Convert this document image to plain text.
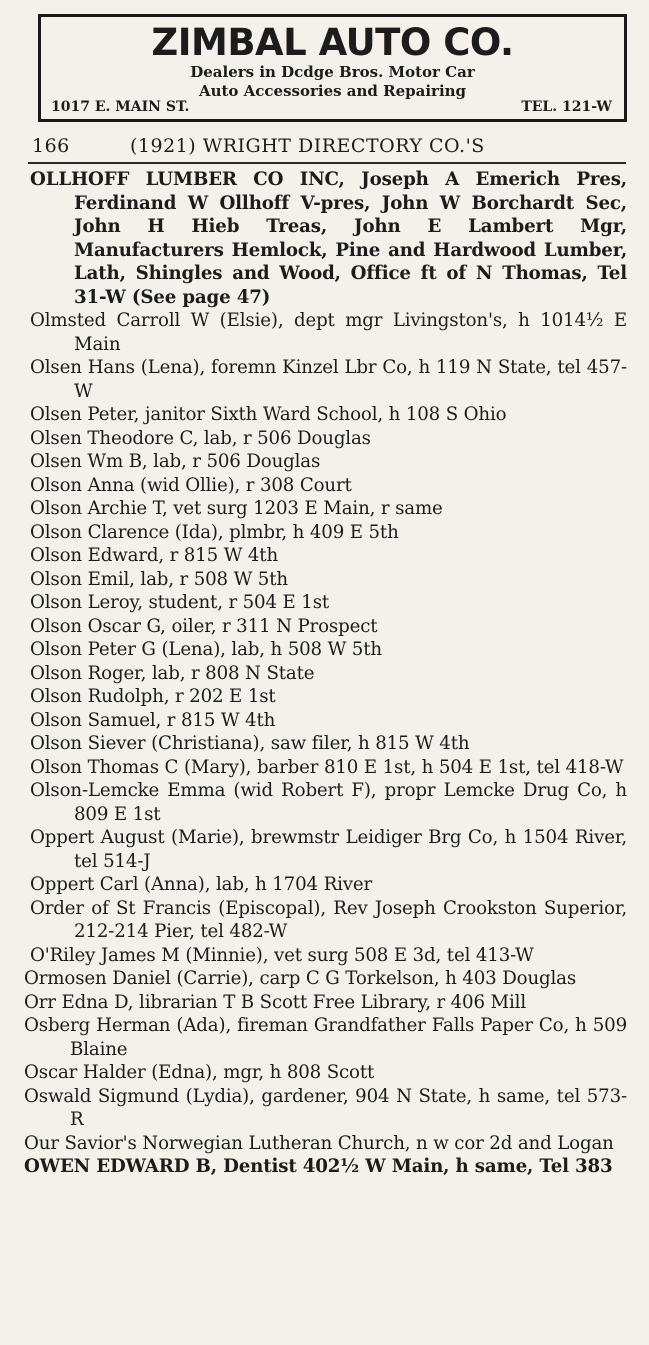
ZIMBAL AUTO CO.
Dealers in Dcdge Bros. Motor Car
Auto Accessories and Repairing
1017 E. MAIN ST.	TEL. 121-W
166	(1921) WRIGHT DIRECTORY CO.'S
OLLHOFF LUMBER CO INC, Joseph A Emerich Pres, Ferdinand W Ollhoff V-pres, John W Borchardt Sec, John H Hieb Treas, John E Lambert Mgr, Manufacturers Hemlock, Pine and Hardwood Lumber, Lath, Shingles and Wood, Office ft of N Thomas, Tel 31-W (See page 47)
Olmsted Carroll W (Elsie), dept mgr Livingston's, h 1014½ E Main
Olsen Hans (Lena), foremn Kinzel Lbr Co, h 119 N State, tel 457-W
Olsen Peter, janitor Sixth Ward School, h 108 S Ohio
Olsen Theodore C, lab, r 506 Douglas
Olsen Wm B, lab, r 506 Douglas
Olson Anna (wid Ollie), r 308 Court
Olson Archie T, vet surg 1203 E Main, r same
Olson Clarence (Ida), plmbr, h 409 E 5th
Olson Edward, r 815 W 4th
Olson Emil, lab, r 508 W 5th
Olson Leroy, student, r 504 E 1st
Olson Oscar G, oiler, r 311 N Prospect
Olson Peter G (Lena), lab, h 508 W 5th
Olson Roger, lab, r 808 N State
Olson Rudolph, r 202 E 1st
Olson Samuel, r 815 W 4th
Olson Siever (Christiana), saw filer, h 815 W 4th
Olson Thomas C (Mary), barber 810 E 1st, h 504 E 1st, tel 418-W
Olson-Lemcke Emma (wid Robert F), propr Lemcke Drug Co, h 809 E 1st
Oppert August (Marie), brewmstr Leidiger Brg Co, h 1504 River, tel 514-J
Oppert Carl (Anna), lab, h 1704 River
Order of St Francis (Episcopal), Rev Joseph Crookston Superior, 212-214 Pier, tel 482-W
O'Riley James M (Minnie), vet surg 508 E 3d, tel 413-W
Ormosen Daniel (Carrie), carp C G Torkelson, h 403 Douglas
Orr Edna D, librarian T B Scott Free Library, r 406 Mill
Osberg Herman (Ada), fireman Grandfather Falls Paper Co, h 509 Blaine
Oscar Halder (Edna), mgr, h 808 Scott
Oswald Sigmund (Lydia), gardener, 904 N State, h same, tel 573-R
Our Savior's Norwegian Lutheran Church, n w cor 2d and Logan
OWEN EDWARD B, Dentist 402½ W Main, h same, Tel 383
